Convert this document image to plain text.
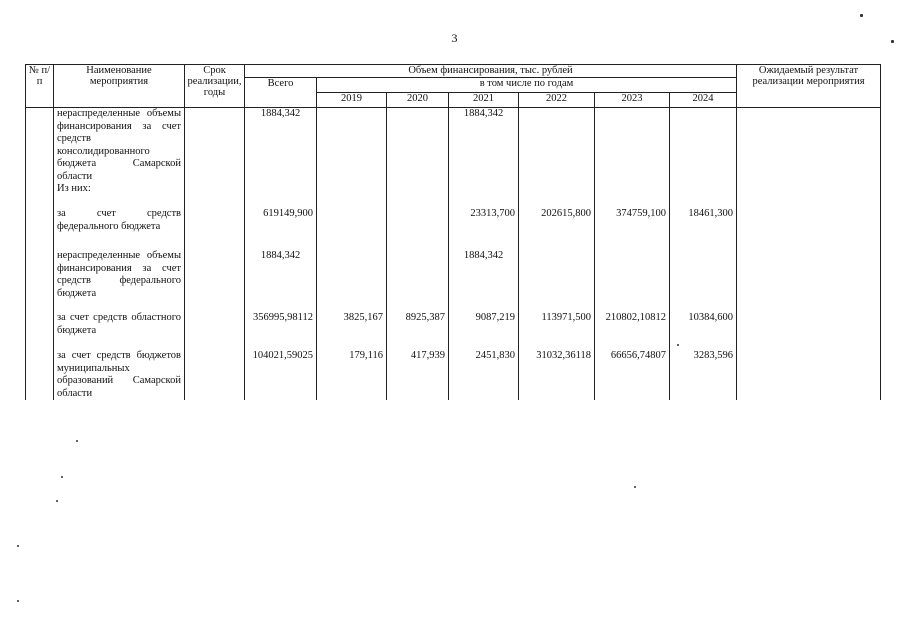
3
№ п/п	Наименование мероприятия	Срок реализации, годы	Объем финансирования, тыс. рублей							Ожидаемый результат реализации мероприятия
			Всего	в том числе по годам						
				2019	2020	2021	2022	2023	2024	
	нераспределенные объемы финансирования за счет средств консолидированного бюджета Самарской области		1884,342			1884,342				
	Из них:									
	за счет средств федерального бюджета		619149,900			23313,700	202615,800	374759,100	18461,300	
	нераспределенные объемы финансирования за счет средств федерального бюджета		1884,342			1884,342				
	за счет средств областного бюджета		356995,98112	3825,167	8925,387	9087,219	113971,500	210802,10812	10384,600	
	за счет средств бюджетов муниципальных образований Самарской области		104021,59025	179,116	417,939	2451,830	31032,36118	66656,74807	3283,596	
